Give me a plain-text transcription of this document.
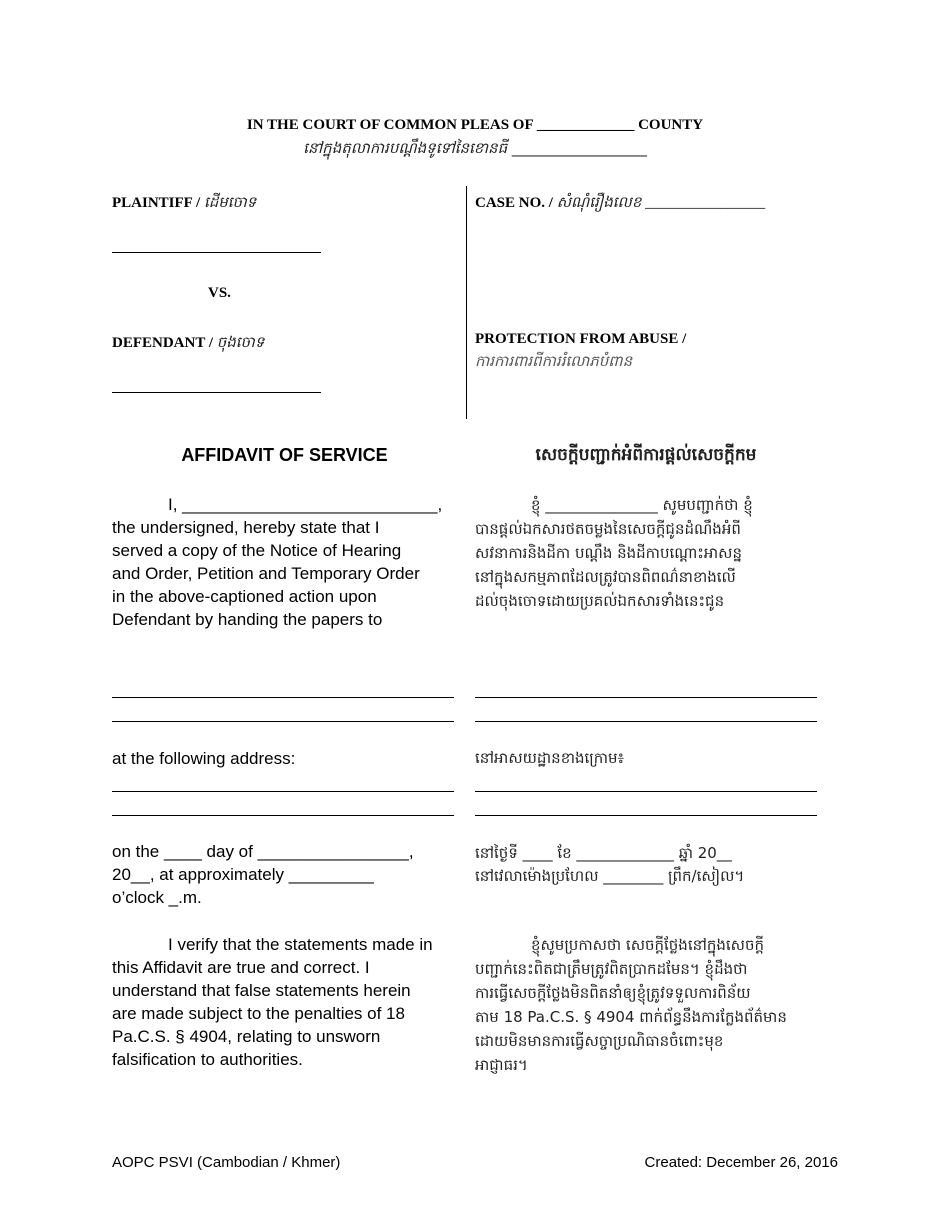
IN THE COURT OF COMMON PLEAS OF _____________ COUNTY
នៅក្នុងតុលាការបណ្តឹងទូទៅនៃខោនធី __________________
PLAINTIFF / ដើមចោទ
VS.
DEFENDANT / ចុងចោទ
CASE NO. / សំណុំរឿងលេខ ________________
PROTECTION FROM ABUSE /
ការការពារពីការរំលោភបំពាន
AFFIDAVIT OF SERVICE	សេចក្តីបញ្ជាក់អំពីការផ្តល់សេចក្តីកម
I, ___________________________,
the undersigned, hereby state that I
served a copy of the Notice of Hearing
and Order, Petition and Temporary Order
in the above-captioned action upon
Defendant by handing the papers to
ខ្ញុំ _______________ សូមបញ្ជាក់ថា ខ្ញុំ
បានផ្តល់ឯកសារថតចម្លងនៃសេចក្តីជូនដំណឹងអំពី
សវនាការនិងដីកា បណ្តឹង និងដីកាបណ្តោះអាសន្ន
នៅក្នុងសកម្មភាពដែលត្រូវបានពិពណ៌នាខាងលើ
ដល់ចុងចោទដោយប្រគល់ឯកសារទាំងនេះជូន
at the following address:	នៅអាសយដ្ឋានខាងក្រោម៖
on the ____ day of ________________,
20__, at approximately _________
o’clock _.m.
នៅថ្ងៃទី ____ ខែ _____________ ឆ្នាំ 20__
នៅវេលាម៉ោងប្រហែល ________ ព្រឹក/សៀល។
I verify that the statements made in
this Affidavit are true and correct. I
understand that false statements herein
are made subject to the penalties of 18
Pa.C.S. § 4904, relating to unsworn
falsification to authorities.
ខ្ញុំសូមប្រកាសថា សេចក្តីថ្លែងនៅក្នុងសេចក្តី
បញ្ជាក់នេះពិតជាត្រឹមត្រូវពិតប្រាកដមែន។ ខ្ញុំដឹងថា
ការធ្វើសេចក្តីថ្លែងមិនពិតនាំឲ្យខ្ញុំត្រូវទទួលការពិន័យ
តាម 18 Pa.C.S. § 4904 ពាក់ព័ន្ធនឹងការក្លែងព័ត៌មាន
ដោយមិនមានការធ្វើសច្ចាប្រណិធានចំពោះមុខ
អាជ្ញាធរ។
AOPC PSVI (Cambodian / Khmer)	Created: December 26, 2016
